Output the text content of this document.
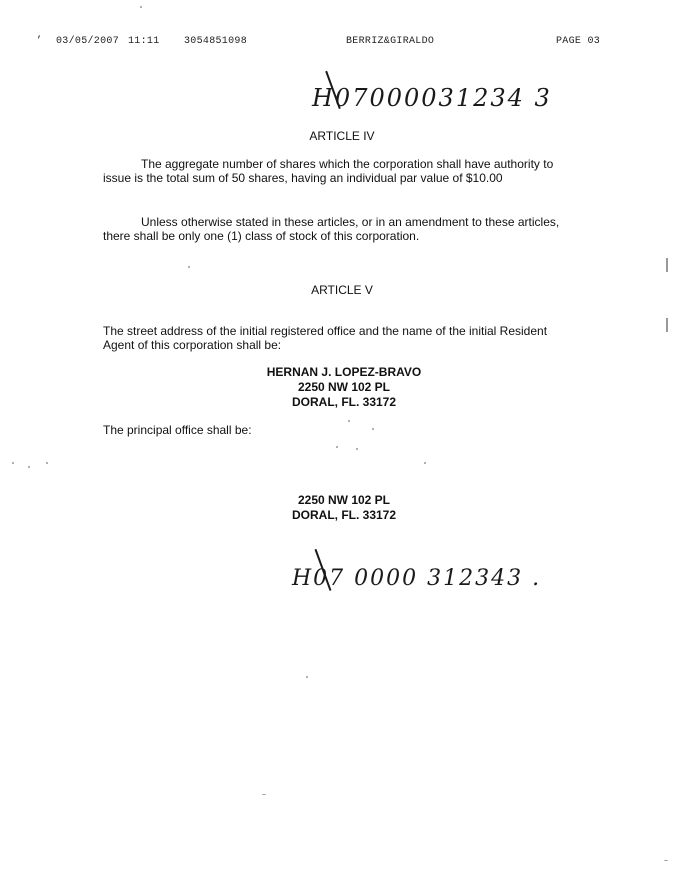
’ 03/05/2007 11:11 3054851098	BERRIZ&GIRALDO	PAGE 03
H07000031234 3
ARTICLE IV
The aggregate number of shares which the corporation shall have authority to issue is the total sum of 50 shares, having an individual par value of $10.00
Unless otherwise stated in these articles, or in an amendment to these articles, there shall be only one (1) class of stock of this corporation.
ARTICLE V
The street address of the initial registered office and the name of the initial Resident Agent of this corporation shall be:
HERNAN J. LOPEZ-BRAVO
2250 NW 102 PL
DORAL, FL. 33172
The principal office shall be:
2250 NW 102 PL
DORAL, FL. 33172
H07 0000 312343 .
